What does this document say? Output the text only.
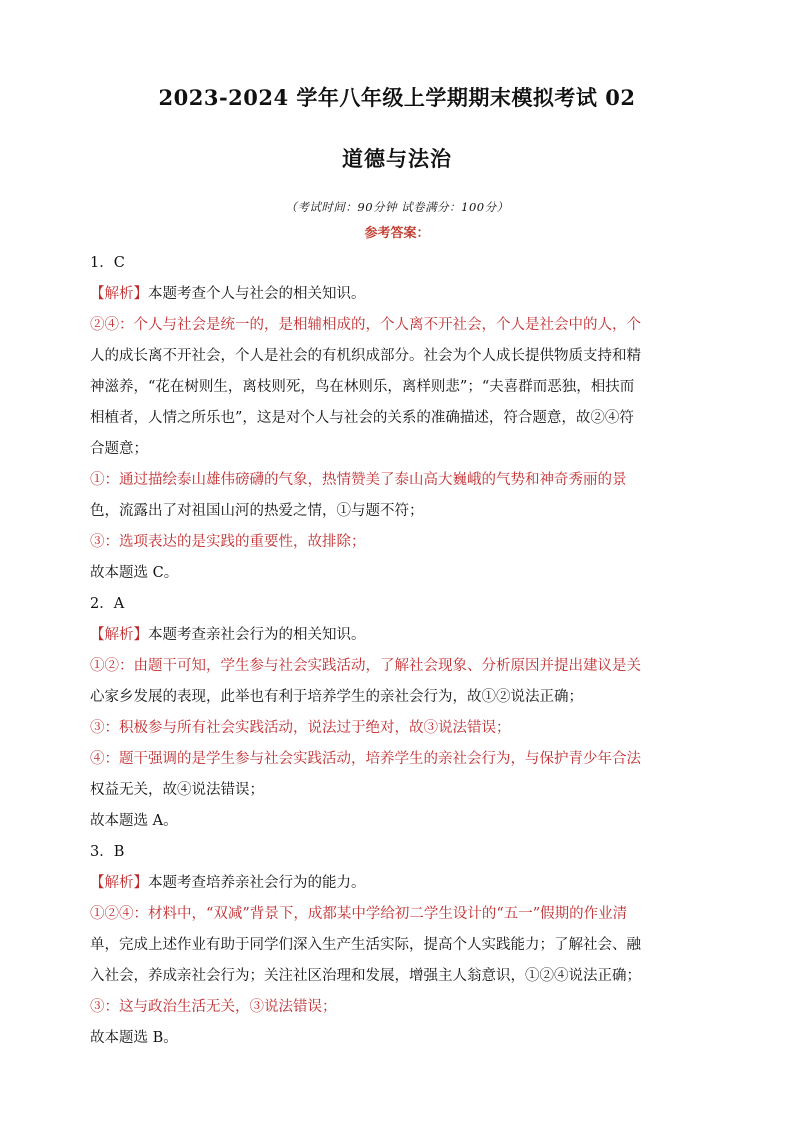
2023-2024 学年八年级上学期期末模拟考试 02
道德与法治
（考试时间：90分钟 试卷满分：100分）
参考答案：
1．C
【解析】本题考查个人与社会的相关知识。
②④：个人与社会是统一的，是相辅相成的，个人离不开社会，个人是社会中的人，个
人的成长离不开社会，个人是社会的有机织成部分。社会为个人成长提供物质支持和精
神滋养，“花在树则生，离枝则死，鸟在林则乐，离样则悲”；“夫喜群而恶独，相扶而
相植者，人情之所乐也”，这是对个人与社会的关系的准确描述，符合题意，故②④符
合题意；
①：通过描绘泰山雄伟磅礴的气象，热情赞美了泰山高大巍峨的气势和神奇秀丽的景
色，流露出了对祖国山河的热爱之情，①与题不符；
③：选项表达的是实践的重要性，故排除；
故本题选 C。
2．A
【解析】本题考查亲社会行为的相关知识。
①②：由题干可知，学生参与社会实践活动，了解社会现象、分析原因并提出建议是关
心家乡发展的表现，此举也有利于培养学生的亲社会行为，故①②说法正确；
③：积极参与所有社会实践活动，说法过于绝对，故③说法错误；
④：题干强调的是学生参与社会实践活动，培养学生的亲社会行为，与保护青少年合法
权益无关，故④说法错误；
故本题选 A。
3．B
【解析】本题考查培养亲社会行为的能力。
①②④：材料中，“双减”背景下，成都某中学给初二学生设计的“五一”假期的作业清
单，完成上述作业有助于同学们深入生产生活实际，提高个人实践能力；了解社会、融
入社会，养成亲社会行为；关注社区治理和发展，增强主人翁意识，①②④说法正确；
③：这与政治生活无关，③说法错误；
故本题选 B。
